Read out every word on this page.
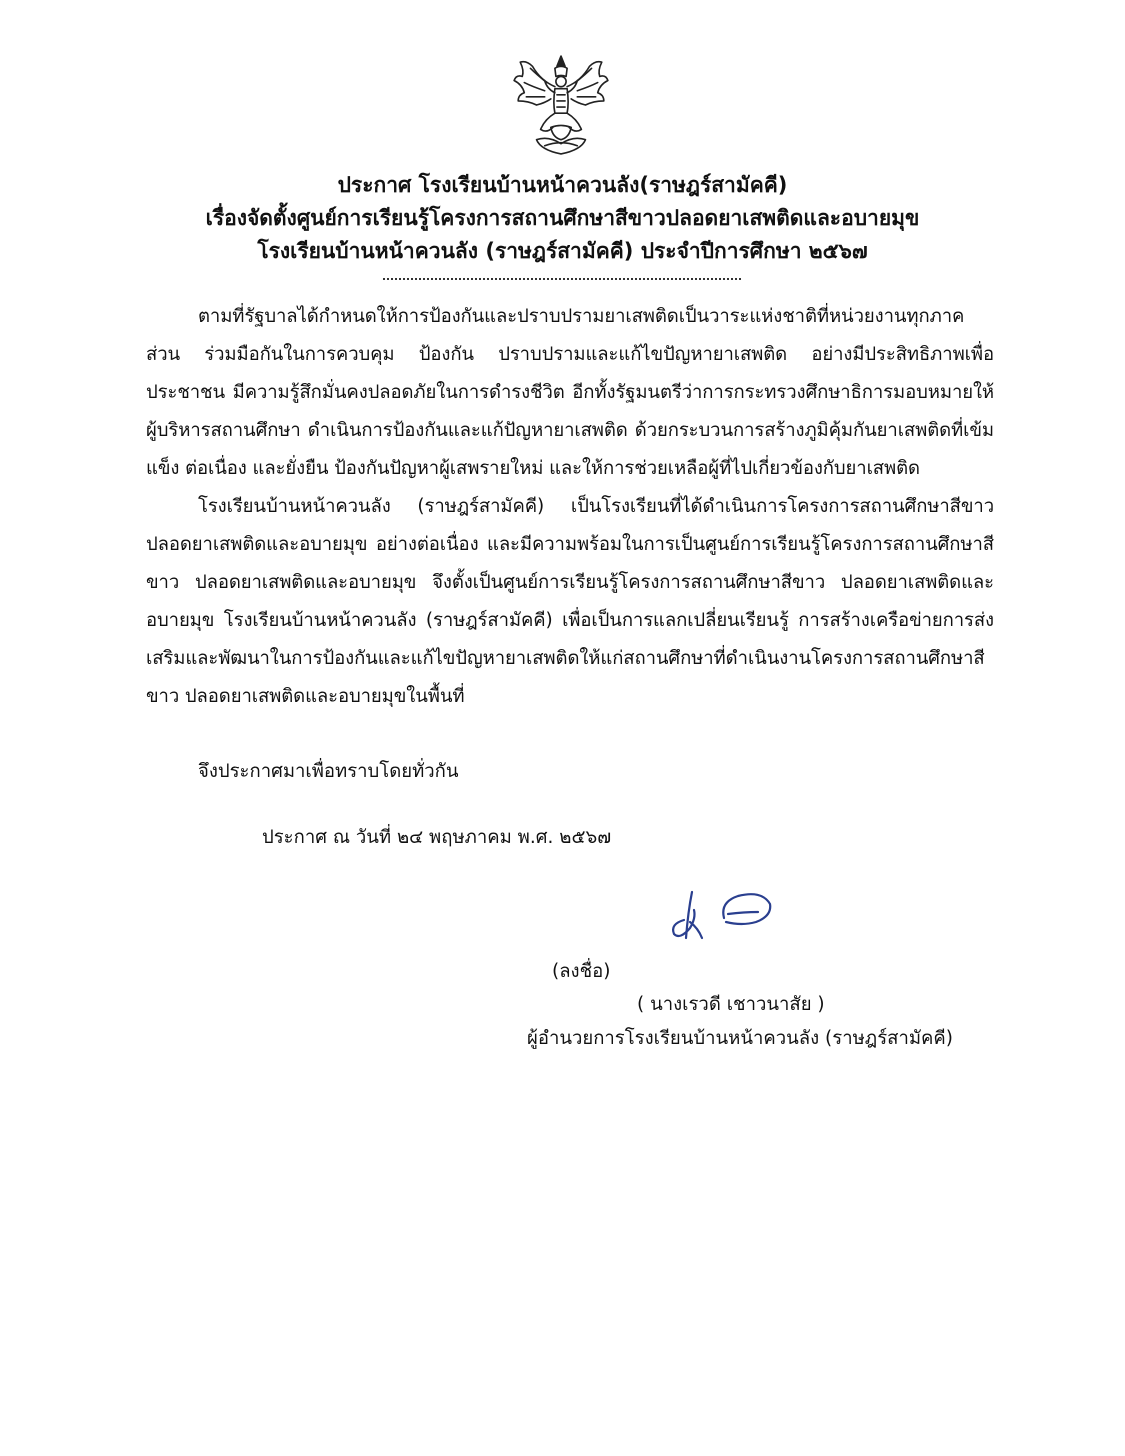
ประกาศ โรงเรียนบ้านหน้าควนลัง(ราษฎร์สามัคคี)

เรื่องจัดตั้งศูนย์การเรียนรู้โครงการสถานศึกษาสีขาวปลอดยาเสพติดและอบายมุข

โรงเรียนบ้านหน้าควนลัง (ราษฎร์สามัคคี) ประจำปีการศึกษา ๒๕๖๗

ตามที่รัฐบาลได้กำหนดให้การป้องกันและปราบปรามยาเสพติดเป็นวาระแห่งชาติที่หน่วยงานทุกภาคส่วน ร่วมมือกันในการควบคุม ป้องกัน ปราบปรามและแก้ไขปัญหายาเสพติด อย่างมีประสิทธิภาพเพื่อประชาชน มีความรู้สึกมั่นคงปลอดภัยในการดำรงชีวิต อีกทั้งรัฐมนตรีว่าการกระทรวงศึกษาธิการมอบหมายให้ผู้บริหารสถานศึกษา ดำเนินการป้องกันและแก้ปัญหายาเสพติด ด้วยกระบวนการสร้างภูมิคุ้มกันยาเสพติดที่เข้มแข็ง ต่อเนื่อง และยั่งยืน ป้องกันปัญหาผู้เสพรายใหม่ และให้การช่วยเหลือผู้ที่ไปเกี่ยวข้องกับยาเสพติด

โรงเรียนบ้านหน้าควนลัง (ราษฎร์สามัคคี) เป็นโรงเรียนที่ได้ดำเนินการโครงการสถานศึกษาสีขาว ปลอดยาเสพติดและอบายมุข อย่างต่อเนื่อง และมีความพร้อมในการเป็นศูนย์การเรียนรู้โครงการสถานศึกษาสีขาว ปลอดยาเสพติดและอบายมุข จึงตั้งเป็นศูนย์การเรียนรู้โครงการสถานศึกษาสีขาว ปลอดยาเสพติดและอบายมุข โรงเรียนบ้านหน้าควนลัง (ราษฎร์สามัคคี) เพื่อเป็นการแลกเปลี่ยนเรียนรู้ การสร้างเครือข่ายการส่งเสริมและพัฒนาในการป้องกันและแก้ไขปัญหายาเสพติดให้แก่สถานศึกษาที่ดำเนินงานโครงการสถานศึกษาสีขาว ปลอดยาเสพติดและอบายมุขในพื้นที่

จึงประกาศมาเพื่อทราบโดยทั่วกัน

ประกาศ ณ วันที่ ๒๔ พฤษภาคม พ.ศ. ๒๕๖๗

(ลงชื่อ)

( นางเรวดี เชาวนาสัย )

ผู้อำนวยการโรงเรียนบ้านหน้าควนลัง (ราษฎร์สามัคคี)
